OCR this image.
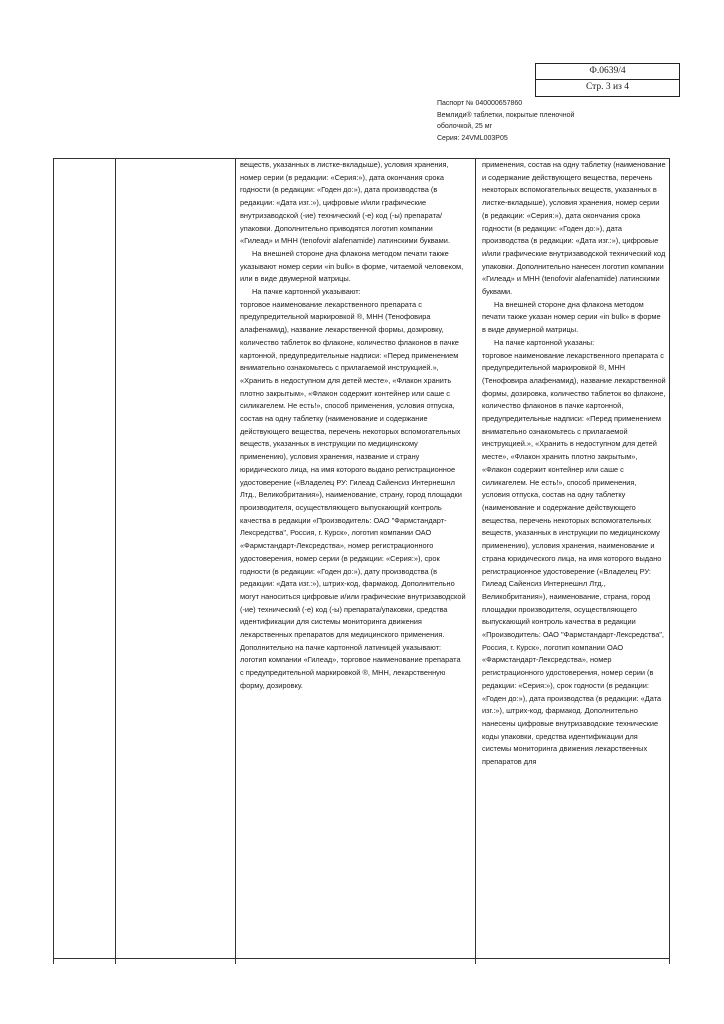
Ф.0639/4
Стр. 3 из 4
Паспорт № 040000657860
Вемлиди® таблетки, покрытые пленочной
оболочкой, 25 мг
Серия: 24VML003P05

веществ, указанных в листке-вкладыше), условия хранения, номер серии (в редакции: «Серия:»), дата окончания срока годности (в редакции: «Годен до:»), дата производства (в редакции: «Дата изг.:»), цифровые и/или графические внутризаводской (-ие) технический (-е) код (-ы) препарата/упаковки. Дополнительно приводятся логотип компании «Гилеад» и МНН (tenofovir alafenamide) латинскими буквами.

На внешней стороне дна флакона методом печати также указывают номер серии «in bulk» в форме, читаемой человеком, или в виде двумерной матрицы.

На пачке картонной указывают:

торговое наименование лекарственного препарата с предупредительной маркировкой ®, МНН (Тенофовира алафенамид), название лекарственной формы, дозировку, количество таблеток во флаконе, количество флаконов в пачке картонной, предупредительные надписи: «Перед применением внимательно ознакомьтесь с прилагаемой инструкцией.», «Хранить в недоступном для детей месте», «Флакон хранить плотно закрытым», «Флакон содержит контейнер или саше с силикагелем. Не есть!», способ применения, условия отпуска, состав на одну таблетку (наименование и содержание действующего вещества, перечень некоторых вспомогательных веществ, указанных в инструкции по медицинскому применению), условия хранения, название и страну юридического лица, на имя которого выдано регистрационное удостоверение («Владелец РУ: Гилеад Сайенсиз Интернешнл Лтд., Великобритания»), наименование, страну, город площадки производителя, осуществляющего выпускающий контроль качества в редакции «Производитель: ОАО "Фармстандарт-Лексредства", Россия, г. Курск», логотип компании ОАО «Фармстандарт-Лексредства», номер регистрационного удостоверения, номер серии (в редакции: «Серия:»), срок годности (в редакции: «Годен до:»), дату производства (в редакции: «Дата изг.:»), штрих-код, фармакод. Дополнительно могут наноситься цифровые и/или графические внутризаводской (-ие) технический (-е) код (-ы) препарата/упаковки, средства идентификации для системы мониторинга движения лекарственных препаратов для медицинского применения. Дополнительно на пачке картонной латиницей указывают: логотип компании «Гилеад», торговое наименование препарата с предупредительной маркировкой ®, МНН, лекарственную форму, дозировку.

применения, состав на одну таблетку (наименование и содержание действующего вещества, перечень некоторых вспомогательных веществ, указанных в листке-вкладыше), условия хранения, номер серии (в редакции: «Серия:»), дата окончания срока годности (в редакции: «Годен до:»), дата производства (в редакции: «Дата изг.:»), цифровые и/или графические внутризаводской технический код упаковки. Дополнительно нанесен логотип компании «Гилеад» и МНН (tenofovir alafenamide) латинскими буквами.

На внешней стороне дна флакона методом печати также указан номер серии «in bulk» в форме в виде двумерной матрицы.

На пачке картонной указаны:

торговое наименование лекарственного препарата с предупредительной маркировкой ®, МНН (Тенофовира алафенамид), название лекарственной формы, дозировка, количество таблеток во флаконе, количество флаконов в пачке картонной, предупредительные надписи: «Перед применением внимательно ознакомьтесь с прилагаемой инструкцией.», «Хранить в недоступном для детей месте», «Флакон хранить плотно закрытым», «Флакон содержит контейнер или саше с силикагелем. Не есть!», способ применения, условия отпуска, состав на одну таблетку (наименование и содержание действующего вещества, перечень некоторых вспомогательных веществ, указанных в инструкции по медицинскому применению), условия хранения, наименование и страна юридического лица, на имя которого выдано регистрационное удостоверение («Владелец РУ: Гилеад Сайенсиз Интернешнл Лтд., Великобритания»), наименование, страна, город площадки производителя, осуществляющего выпускающий контроль качества в редакции «Производитель: ОАО "Фармстандарт-Лексредства", Россия, г. Курск», логотип компании ОАО «Фармстандарт-Лексредства», номер регистрационного удостоверения, номер серии (в редакции: «Серия:»), срок годности (в редакции: «Годен до:»), дата производства (в редакции: «Дата изг.:»), штрих-код, фармакод. Дополнительно нанесены цифровые внутризаводские технические коды упаковки, средства идентификации для системы мониторинга движения лекарственных препаратов для
